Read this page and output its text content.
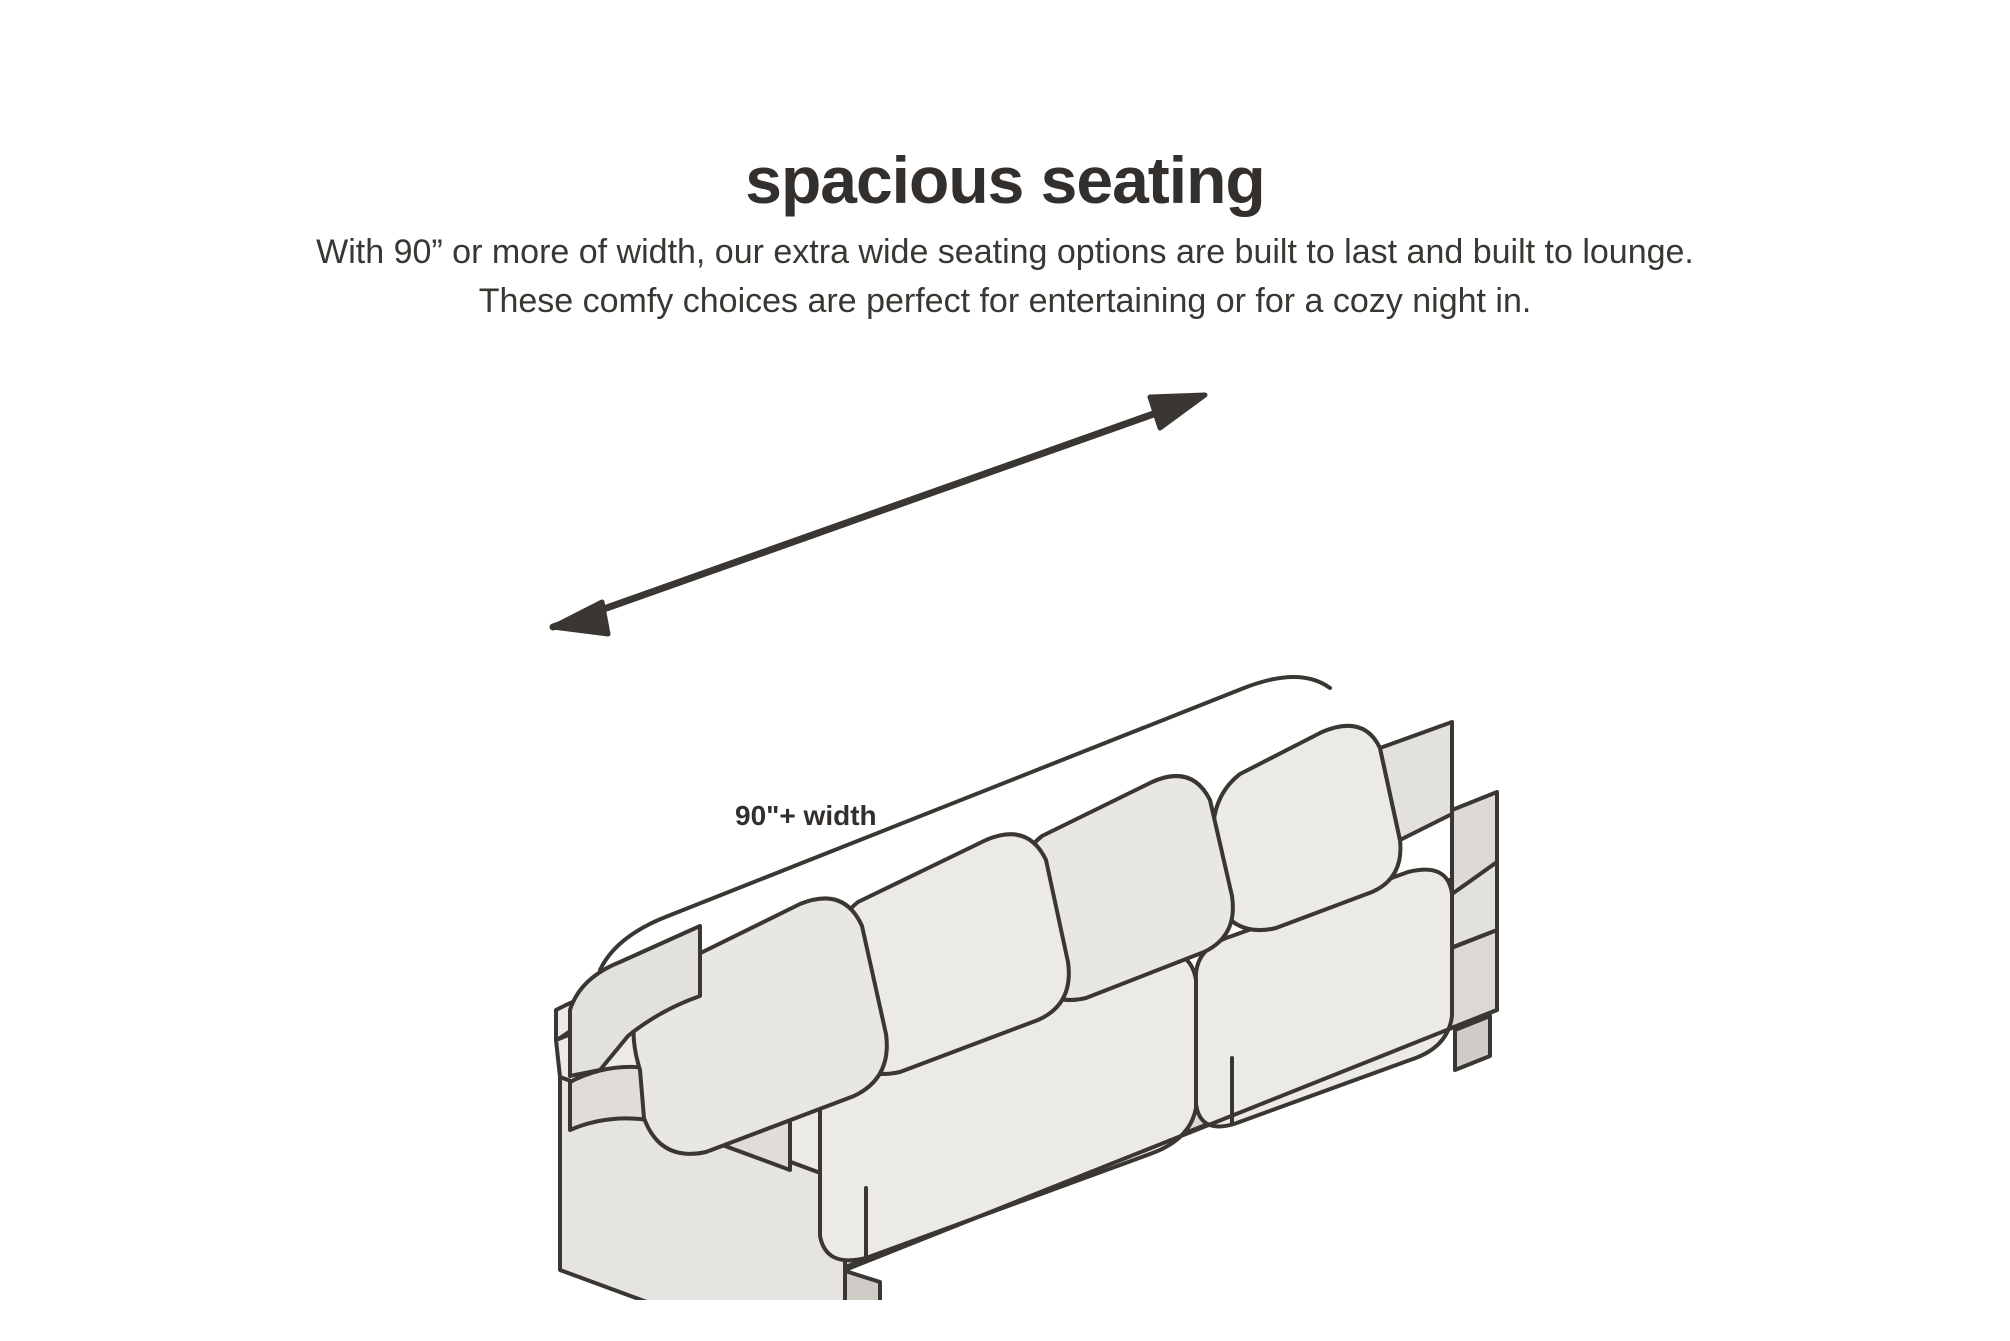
spacious seating
With 90” or more of width, our extra wide seating options are built to last and built to lounge.
These comfy choices are perfect for entertaining or for a cozy night in.
90"+ width
